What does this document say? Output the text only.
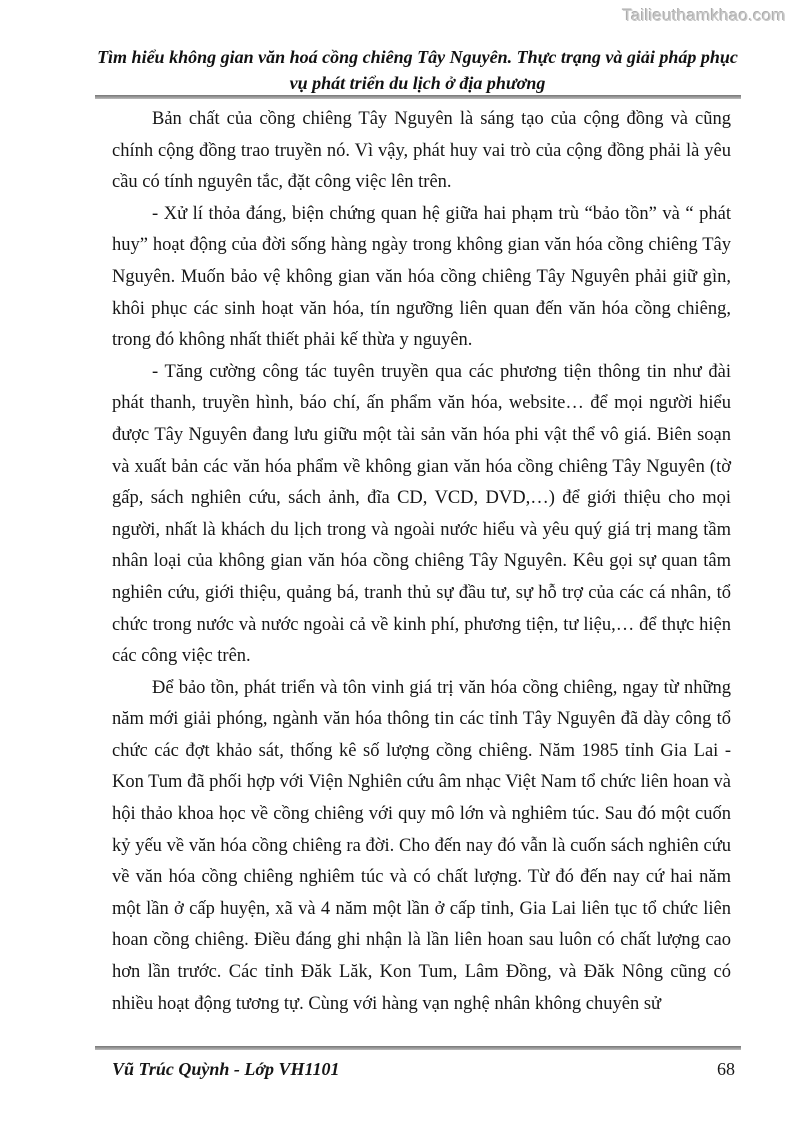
Tailieuthamkhao.com
Tìm hiểu không gian văn hoá cồng chiêng Tây Nguyên. Thực trạng và giải pháp phục vụ phát triển du lịch ở địa phương

Bản chất của cồng chiêng Tây Nguyên là sáng tạo của cộng đồng và cũng chính cộng đồng trao truyền nó. Vì vậy, phát huy vai trò của cộng đồng phải là yêu cầu có tính nguyên tắc, đặt công việc lên trên.

- Xử lí thỏa đáng, biện chứng quan hệ giữa hai phạm trù “bảo tồn” và “ phát huy” hoạt động của đời sống hàng ngày trong không gian văn hóa cồng chiêng Tây Nguyên. Muốn bảo vệ không gian văn hóa cồng chiêng Tây Nguyên phải giữ gìn, khôi phục các sinh hoạt văn hóa, tín ngưỡng liên quan đến văn hóa cồng chiêng, trong đó không nhất thiết phải kế thừa y nguyên.

- Tăng cường công tác tuyên truyền qua các phương tiện thông tin như đài phát thanh, truyền hình, báo chí, ấn phẩm văn hóa, website… để mọi người hiểu được Tây Nguyên đang lưu giữu một tài sản văn hóa phi vật thể vô giá. Biên soạn và xuất bản các văn hóa phẩm về không gian văn hóa cồng chiêng Tây Nguyên (tờ gấp, sách nghiên cứu, sách ảnh, đĩa CD, VCD, DVD,…) để giới thiệu cho mọi người, nhất là khách du lịch trong và ngoài nước hiểu và yêu quý giá trị mang tầm nhân loại của không gian văn hóa cồng chiêng Tây Nguyên. Kêu gọi sự quan tâm nghiên cứu, giới thiệu, quảng bá, tranh thủ sự đầu tư, sự hỗ trợ của các cá nhân, tổ chức trong nước và nước ngoài cả về kinh phí, phương tiện, tư liệu,… để thực hiện các công việc trên.

Để bảo tồn, phát triển và tôn vinh giá trị văn hóa cồng chiêng, ngay từ những năm mới giải phóng, ngành văn hóa thông tin các tỉnh Tây Nguyên đã dày công tổ chức các đợt khảo sát, thống kê số lượng cồng chiêng. Năm 1985 tỉnh Gia Lai - Kon Tum đã phối hợp với Viện Nghiên cứu âm nhạc Việt Nam tổ chức liên hoan và hội thảo khoa học về cồng chiêng với quy mô lớn và nghiêm túc. Sau đó một cuốn kỷ yếu về văn hóa cồng chiêng ra đời. Cho đến nay đó vẫn là cuốn sách nghiên cứu về văn hóa cồng chiêng nghiêm túc và có chất lượng. Từ đó đến nay cứ hai năm một lần ở cấp huyện, xã và 4 năm một lần ở cấp tỉnh, Gia Lai liên tục tổ chức liên hoan cồng chiêng. Điều đáng ghi nhận là lần liên hoan sau luôn có chất lượng cao hơn lần trước. Các tỉnh Đăk Lăk, Kon Tum, Lâm Đồng, và Đăk Nông cũng có nhiều hoạt động tương tự. Cùng với hàng vạn nghệ nhân không chuyên sử

Vũ Trúc Quỳnh - Lớp VH1101	68
